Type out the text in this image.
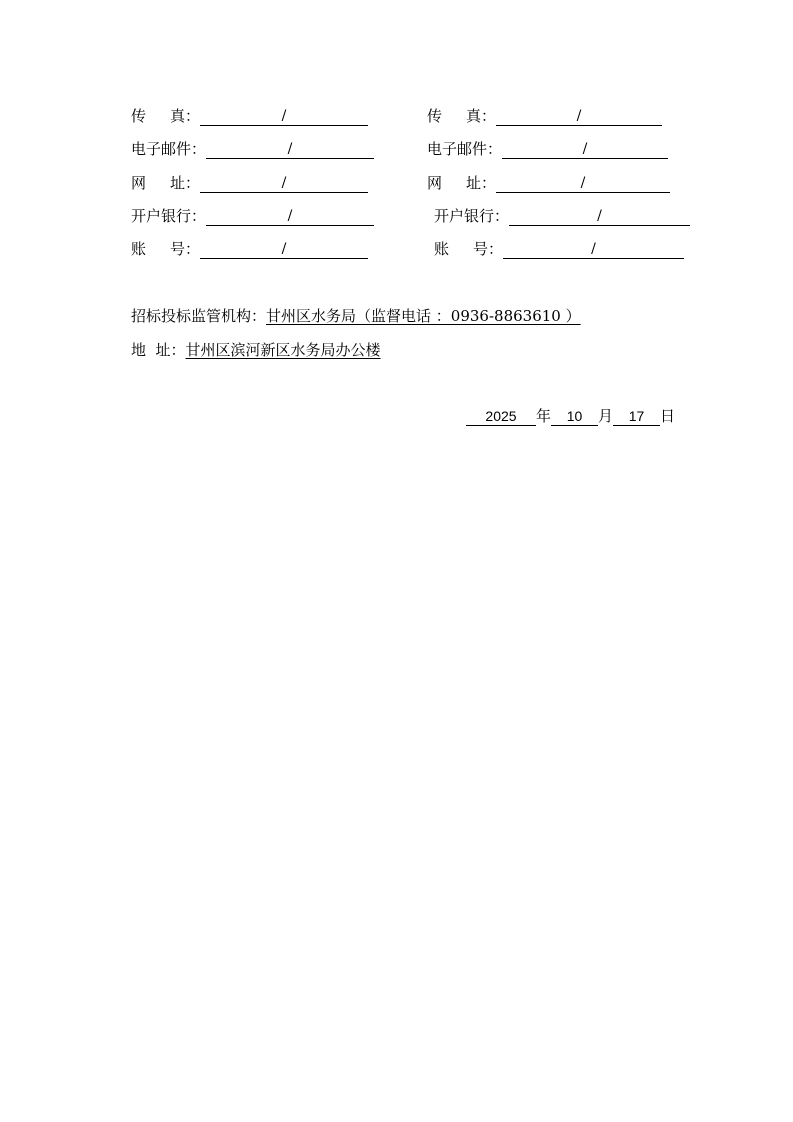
传真 ：	/
电子邮件 ：	/
网址 ：	/
开户银行 ：	/
账号 ：	/
传真 ：	/
电子邮件 ：	/
网址 ：	/
开户银行 ：	/
账号 ：	/
招标投标监管机构：甘州区水务局（监督电话 ：0936-8863610 ）
地  址：甘州区滨河新区水务局办公楼
2025	年	10	月	17	日
